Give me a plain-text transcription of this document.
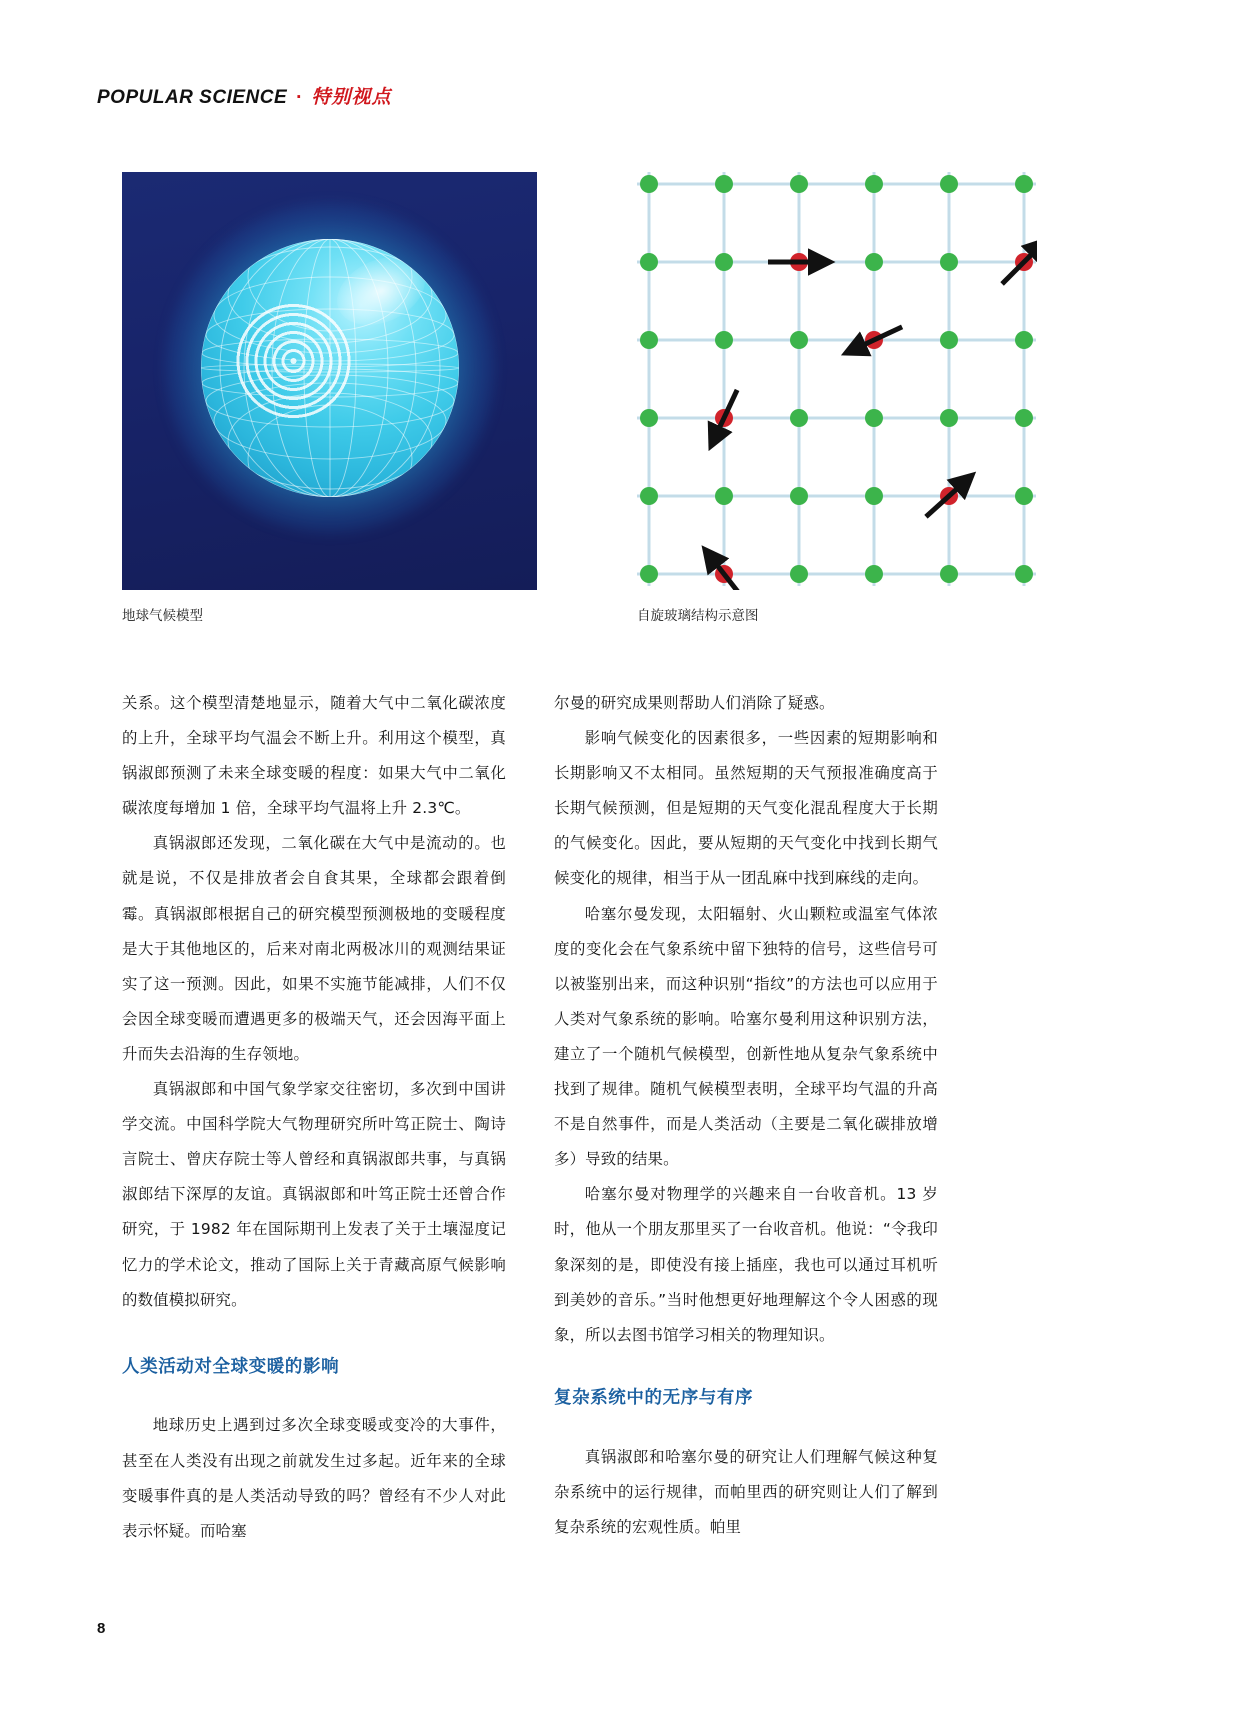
POPULAR SCIENCE · 特别视点
地球气候模型	自旋玻璃结构示意图

关系。这个模型清楚地显示，随着大气中二氧化碳浓度的上升，全球平均气温会不断上升。利用这个模型，真锅淑郎预测了未来全球变暖的程度：如果大气中二氧化碳浓度每增加 1 倍，全球平均气温将上升 2.3℃。

真锅淑郎还发现，二氧化碳在大气中是流动的。也就是说，不仅是排放者会自食其果，全球都会跟着倒霉。真锅淑郎根据自己的研究模型预测极地的变暖程度是大于其他地区的，后来对南北两极冰川的观测结果证实了这一预测。因此，如果不实施节能减排，人们不仅会因全球变暖而遭遇更多的极端天气，还会因海平面上升而失去沿海的生存领地。

真锅淑郎和中国气象学家交往密切，多次到中国讲学交流。中国科学院大气物理研究所叶笃正院士、陶诗言院士、曾庆存院士等人曾经和真锅淑郎共事，与真锅淑郎结下深厚的友谊。真锅淑郎和叶笃正院士还曾合作研究，于 1982 年在国际期刊上发表了关于土壤湿度记忆力的学术论文，推动了国际上关于青藏高原气候影响的数值模拟研究。

人类活动对全球变暖的影响

地球历史上遇到过多次全球变暖或变冷的大事件，甚至在人类没有出现之前就发生过多起。近年来的全球变暖事件真的是人类活动导致的吗？曾经有不少人对此表示怀疑。而哈塞

尔曼的研究成果则帮助人们消除了疑惑。

影响气候变化的因素很多，一些因素的短期影响和长期影响又不太相同。虽然短期的天气预报准确度高于长期气候预测，但是短期的天气变化混乱程度大于长期的气候变化。因此，要从短期的天气变化中找到长期气候变化的规律，相当于从一团乱麻中找到麻线的走向。

哈塞尔曼发现，太阳辐射、火山颗粒或温室气体浓度的变化会在气象系统中留下独特的信号，这些信号可以被鉴别出来，而这种识别“指纹”的方法也可以应用于人类对气象系统的影响。哈塞尔曼利用这种识别方法，建立了一个随机气候模型，创新性地从复杂气象系统中找到了规律。随机气候模型表明，全球平均气温的升高不是自然事件，而是人类活动（主要是二氧化碳排放增多）导致的结果。

哈塞尔曼对物理学的兴趣来自一台收音机。13 岁时，他从一个朋友那里买了一台收音机。他说：“令我印象深刻的是，即使没有接上插座，我也可以通过耳机听到美妙的音乐。”当时他想更好地理解这个令人困惑的现象，所以去图书馆学习相关的物理知识。

复杂系统中的无序与有序

真锅淑郎和哈塞尔曼的研究让人们理解气候这种复杂系统中的运行规律，而帕里西的研究则让人们了解到复杂系统的宏观性质。帕里

8
